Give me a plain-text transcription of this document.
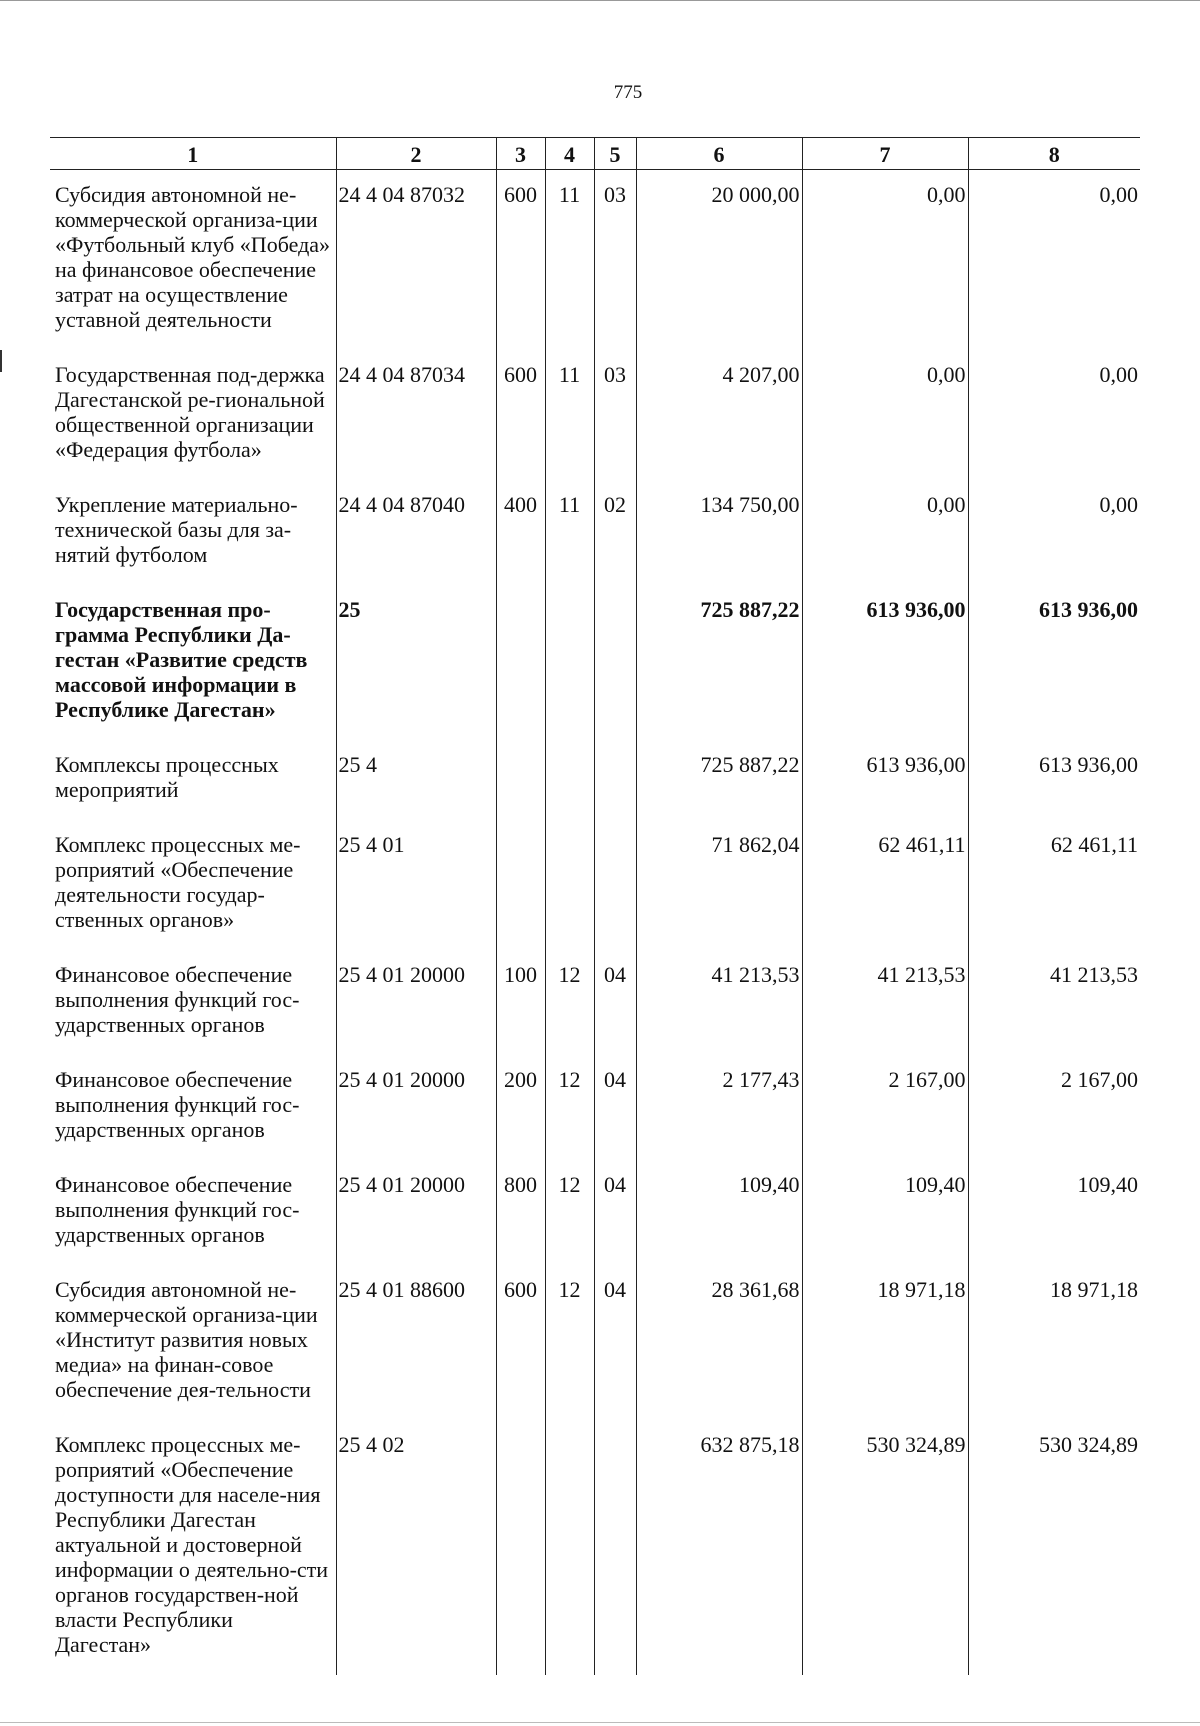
775
1	2	3	4	5	6	7	8
Субсидия автономной не-коммерческой организа-ции «Футбольный клуб «Победа» на финансовое обеспечение затрат на осуществление уставной деятельности	24 4 04 87032	600	11	03	20 000,00	0,00	0,00
Государственная под-держка Дагестанской ре-гиональной общественной организации «Федерация футбола»	24 4 04 87034	600	11	03	4 207,00	0,00	0,00
Укрепление материально-технической базы для за-нятий футболом	24 4 04 87040	400	11	02	134 750,00	0,00	0,00
Государственная про-грамма Республики Да-гестан «Развитие средств массовой информации в Республике Дагестан»	25				725 887,22	613 936,00	613 936,00
Комплексы процессных мероприятий	25 4				725 887,22	613 936,00	613 936,00
Комплекс процессных ме-роприятий «Обеспечение деятельности государ-ственных органов»	25 4 01				71 862,04	62 461,11	62 461,11
Финансовое обеспечение выполнения функций гос-ударственных органов	25 4 01 20000	100	12	04	41 213,53	41 213,53	41 213,53
Финансовое обеспечение выполнения функций гос-ударственных органов	25 4 01 20000	200	12	04	2 177,43	2 167,00	2 167,00
Финансовое обеспечение выполнения функций гос-ударственных органов	25 4 01 20000	800	12	04	109,40	109,40	109,40
Субсидия автономной не-коммерческой организа-ции «Институт развития новых медиа» на финан-совое обеспечение дея-тельности	25 4 01 88600	600	12	04	28 361,68	18 971,18	18 971,18
Комплекс процессных ме-роприятий «Обеспечение доступности для населе-ния Республики Дагестан актуальной и достоверной информации о деятельно-сти органов государствен-ной власти Республики Дагестан»	25 4 02				632 875,18	530 324,89	530 324,89
